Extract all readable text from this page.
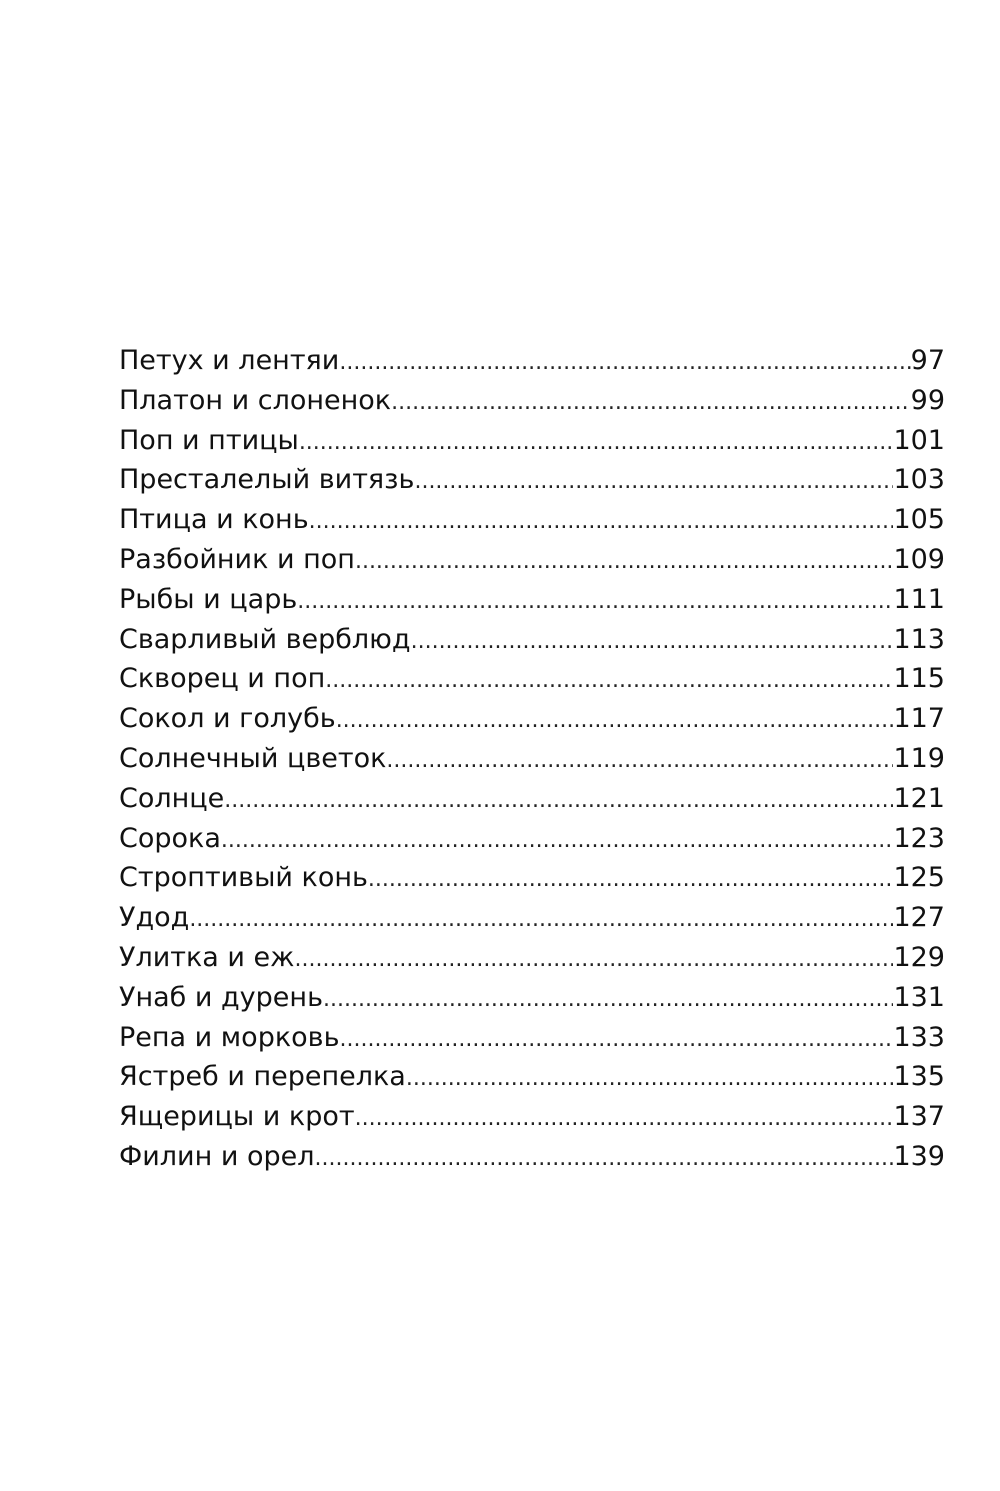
Петух и лентяи .....	97
Платон и слоненок .....	99
Поп и птицы .....	101
Престалелый витязь .....	103
Птица и конь .....	105
Разбойник и поп .....	109
Рыбы и царь .....	111
Сварливый верблюд .....	113
Скворец и поп .....	115
Сокол и голубь .....	117
Солнечный цветок .....	119
Солнце .....	121
Сорока .....	123
Строптивый конь .....	125
Удод .....	127
Улитка и еж .....	129
Унаб и дурень .....	131
Репа и морковь .....	133
Ястреб и перепелка .....	135
Ящерицы и крот .....	137
Филин и орел .....	139
